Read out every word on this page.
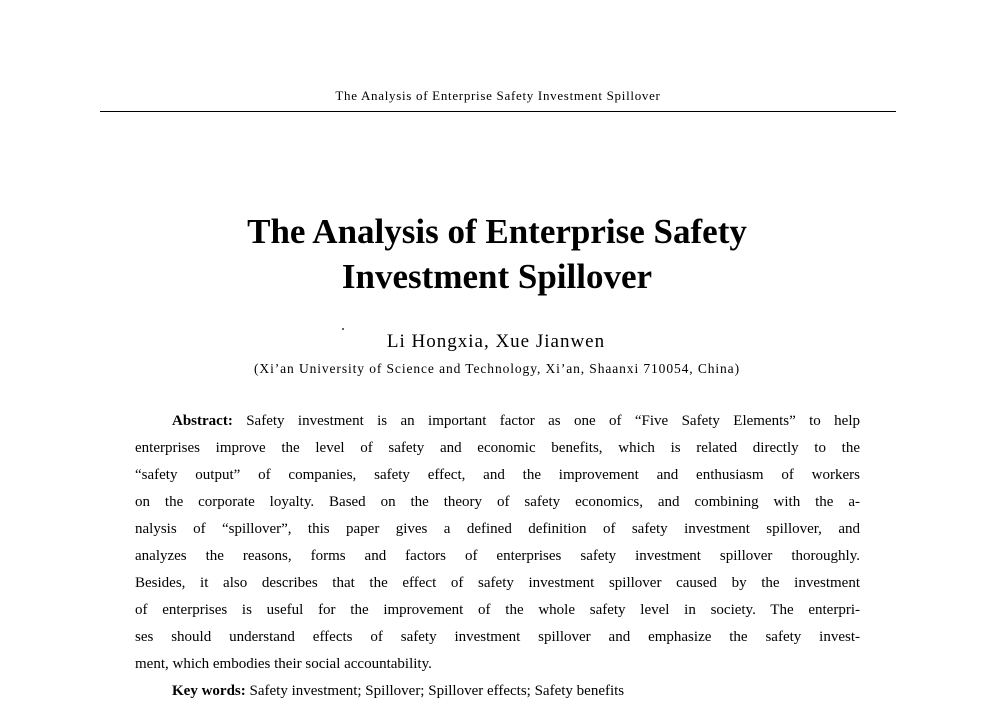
The Analysis of Enterprise Safety Investment Spillover
The Analysis of Enterprise Safety
Investment Spillover
Li Hongxia, Xue Jianwen
(Xi’an University of Science and Technology, Xi’an, Shaanxi 710054, China)
Abstract: Safety investment is an important factor as one of “Five Safety Elements” to help
enterprises improve the level of safety and economic benefits, which is related directly to the
“safety output” of companies, safety effect, and the improvement and enthusiasm of workers
on the corporate loyalty. Based on the theory of safety economics, and combining with the a-
nalysis of “spillover”, this paper gives a defined definition of safety investment spillover, and
analyzes the reasons, forms and factors of enterprises safety investment spillover thoroughly.
Besides, it also describes that the effect of safety investment spillover caused by the investment
of enterprises is useful for the improvement of the whole safety level in society. The enterpri-
ses should understand effects of safety investment spillover and emphasize the safety invest-
ment, which embodies their social accountability.
Key words: Safety investment; Spillover; Spillover effects; Safety benefits
